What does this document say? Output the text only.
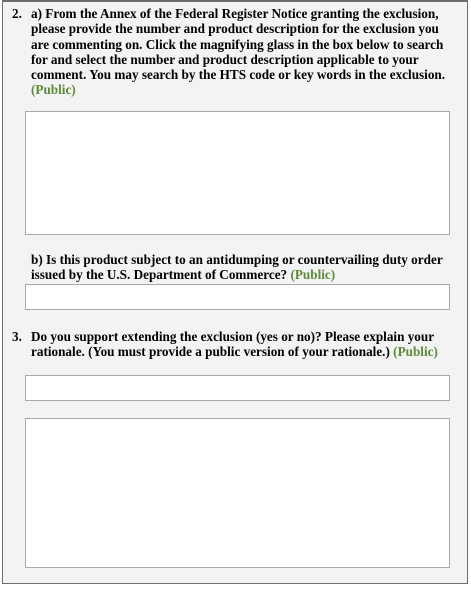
2. a) From the Annex of the Federal Register Notice granting the exclusion, please provide the number and product description for the exclusion you are commenting on. Click the magnifying glass in the box below to search for and select the number and product description applicable to your comment. You may search by the HTS code or key words in the exclusion. (Public)
b) Is this product subject to an antidumping or countervailing duty order issued by the U.S. Department of Commerce? (Public)
3. Do you support extending the exclusion (yes or no)? Please explain your rationale. (You must provide a public version of your rationale.) (Public)
